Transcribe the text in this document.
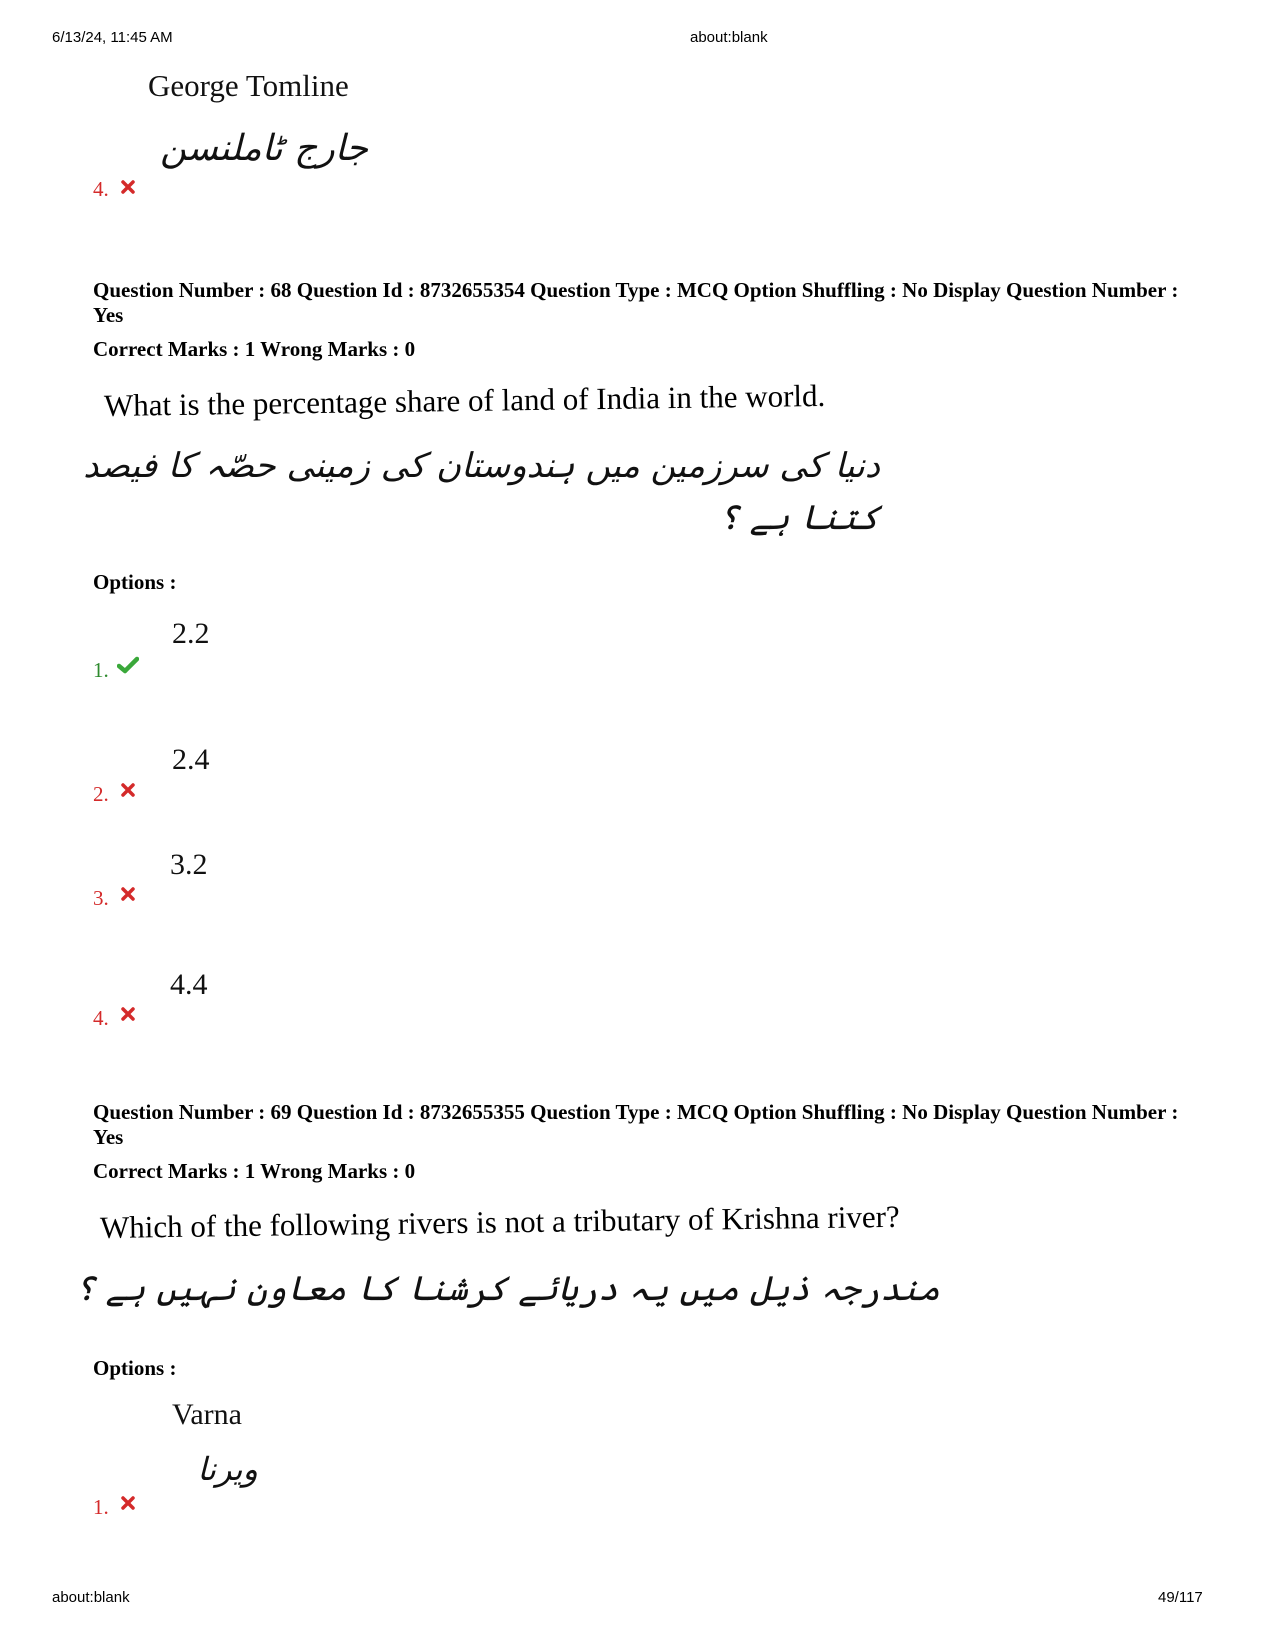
6/13/24, 11:45 AM	about:blank
George Tomline
جارج ٹاملنسن
4.
Question Number : 68 Question Id : 8732655354 Question Type : MCQ Option Shuffling : No Display Question Number : Yes
Correct Marks : 1 Wrong Marks : 0
What is the percentage share of land of India in the world.
دنیا کی سرزمین میں ہندوستان کی زمینی حصّہ کا فیصد
کتنا ہے ؟
Options :
2.2
1.
2.4
2.
3.2
3.
4.4
4.
Question Number : 69 Question Id : 8732655355 Question Type : MCQ Option Shuffling : No Display Question Number : Yes
Correct Marks : 1 Wrong Marks : 0
Which of the following rivers is not a tributary of Krishna river?
مندرجہ ذیل میں یہ دریائے کرشنا کا معاون نہیں ہے ؟
Options :
Varna
ویرنا
1.
about:blank	49/117
